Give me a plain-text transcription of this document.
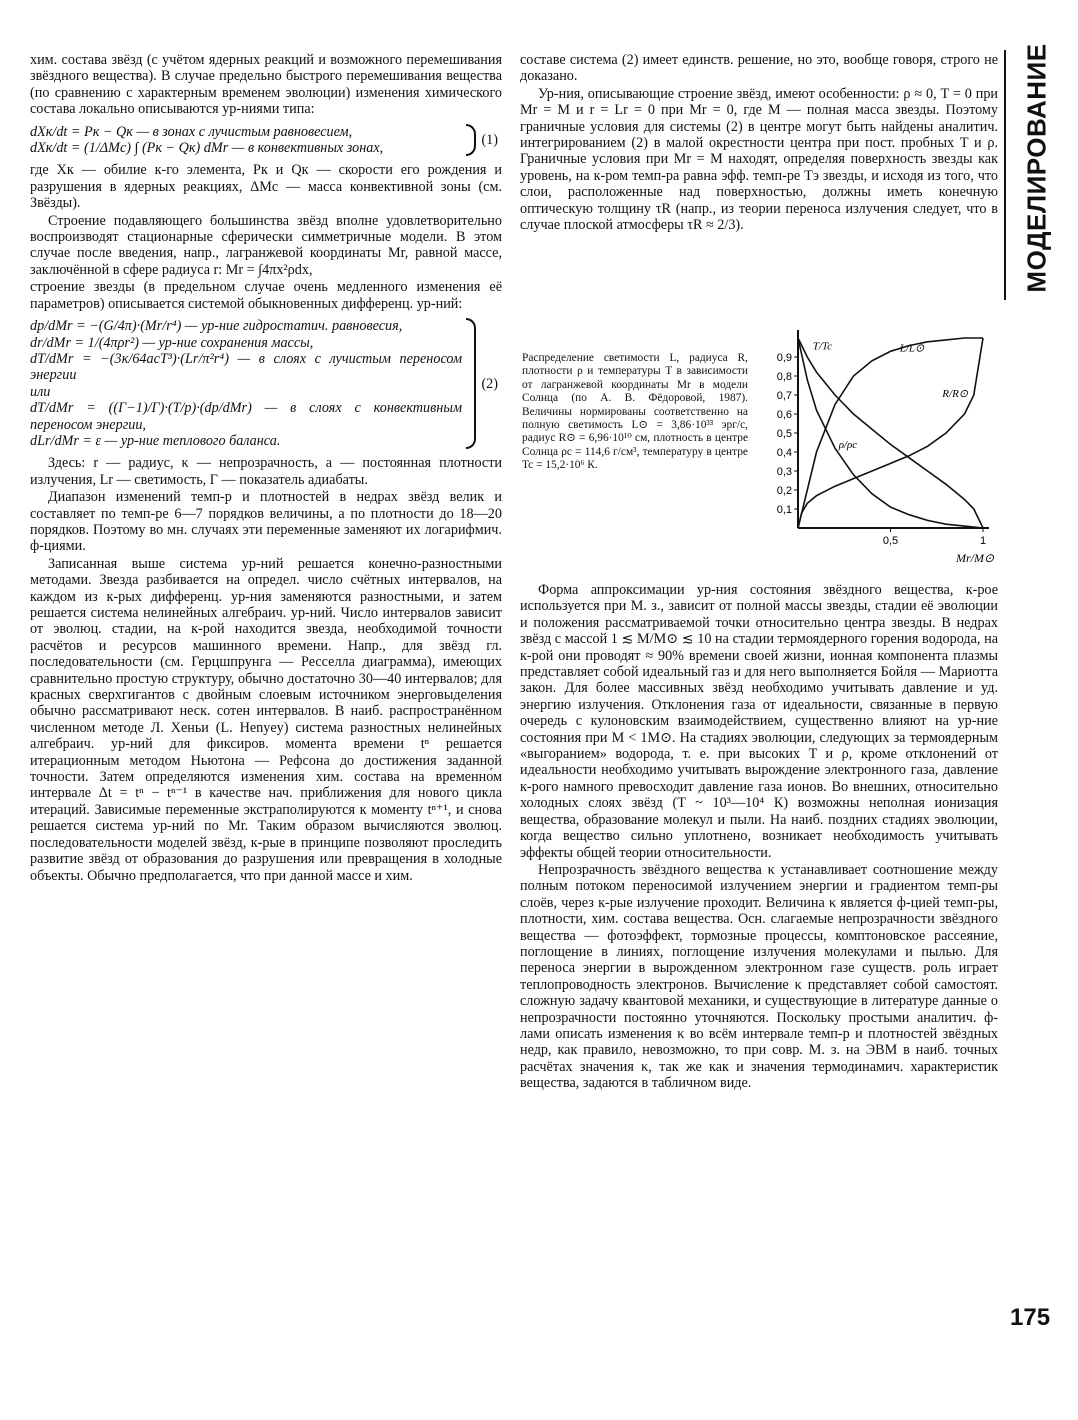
МОДЕЛИРОВАНИЕ

хим. состава звёзд (с учётом ядерных реакций и возможного перемешивания звёздного вещества). В случае предельно быстрого перемешивания вещества (по сравнению с характерным временем эволюции) изменения химического состава локально описываются ур-ниями типа:

dXк/dt = Pк − Qк — в зонах с лучистым равновесием,
dXк/dt = (1/ΔMc) ∫ (Pк − Qк) dMr — в конвективных зонах,
(1)

где Xк — обилие к-го элемента, Pк и Qк — скорости его рождения и разрушения в ядерных реакциях, ΔMc — масса конвективной зоны (см. Звёзды).

Строение подавляющего большинства звёзд вполне удовлетворительно воспроизводят стационарные сферически симметричные модели. В этом случае после введения, напр., лагранжевой координаты Mr, равной массе, заключённой в сфере радиуса r: Mr = ∫4πx²ρdx,

строение звезды (в предельном случае очень медленного изменения её параметров) описывается системой обыкновенных дифференц. ур-ний:

dp/dMr = −(G/4π)·(Mr/r⁴) — ур-ние гидростатич. равновесия,
dr/dMr = 1/(4πρr²) — ур-ние сохранения массы,
dT/dMr = −(3κ/64acT³)·(Lr/π²r⁴) — в слоях с лучистым переносом энергии
или
dT/dMr = ((Γ−1)/Γ)·(T/p)·(dp/dMr) — в слоях с конвективным переносом энергии,
dLr/dMr = ε — ур-ние теплового баланса.
(2)

Здесь: r — радиус, κ — непрозрачность, a — постоянная плотности излучения, Lr — светимость, Γ — показатель адиабаты.

Диапазон изменений темп-р и плотностей в недрах звёзд велик и составляет по темп-ре 6—7 порядков величины, а по плотности до 18—20 порядков. Поэтому во мн. случаях эти переменные заменяют их логарифмич. ф-циями.

Записанная выше система ур-ний решается конечно-разностными методами. Звезда разбивается на определ. число счётных интервалов, на каждом из к-рых дифференц. ур-ния заменяются разностными, и затем решается система нелинейных алгебраич. ур-ний. Число интервалов зависит от эволюц. стадии, на к-рой находится звезда, необходимой точности расчётов и ресурсов машинного времени. Напр., для звёзд гл. последовательности (см. Герцшпрунга — Ресселла диаграмма), имеющих сравнительно простую структуру, обычно достаточно 30—40 интервалов; для красных сверхгигантов с двойным слоевым источником энерговыделения обычно рассматривают неск. сотен интервалов. В наиб. распространённом численном методе Л. Хеньи (L. Henyey) система разностных нелинейных алгебраич. ур-ний для фиксиров. момента времени tⁿ решается итерационным методом Ньютона — Рефсона до достижения заданной точности. Затем определяются изменения хим. состава на временно́м интервале Δt = tⁿ − tⁿ⁻¹ в качестве нач. приближения для нового цикла итераций. Зависимые переменные экстраполируются к моменту tⁿ⁺¹, и снова решается система ур-ний по Mr. Таким образом вычисляются эволюц. последовательности моделей звёзд, к-рые в принципе позволяют проследить развитие звёзд от образования до разрушения или превращения в холодные объекты. Обычно предполагается, что при данной массе и хим.

составе система (2) имеет единств. решение, но это, вообще говоря, строго не доказано.

Ур-ния, описывающие строение звёзд, имеют особенности: ρ ≈ 0, T = 0 при Mr = M и r = Lr = 0 при Mr = 0, где M — полная масса звезды. Поэтому граничные условия для системы (2) в центре могут быть найдены аналитич. интегрированием (2) в малой окрестности центра при пост. пробных T и ρ. Граничные условия при Mr = M находят, определяя поверхность звезды как уровень, на к-ром темп-ра равна эфф. темп-ре Tэ звезды, и исходя из того, что слои, расположенные над поверхностью, должны иметь конечную оптическую толщину τR (напр., из теории переноса излучения следует, что в случае плоской атмосферы τR ≈ 2/3).

Распределение светимости L, радиуса R, плотности ρ и температуры T в зависимости от лагранжевой координаты Mr в модели Солнца (по А. В. Фёдоровой, 1987). Величины нормированы соответственно на полную светимость L⊙ = 3,86·10³³ эрг/с, радиус R⊙ = 6,96·10¹⁰ см, плотность в центре Солнца ρc = 114,6 г/см³, температуру в центре Tc = 15,2·10⁶ К.
0,1
0,2
0,3
0,4
0,5
0,6
0,7
0,8
0,9
0,5	1
Mr/M⊙
T/Tc	L/L⊙
R/R⊙
ρ/ρc

Форма аппроксимации ур-ния состояния звёздного вещества, к-рое используется при М. з., зависит от полной массы звезды, стадии её эволюции и положения рассматриваемой точки относительно центра звезды. В недрах звёзд с массой 1 ≲ M/M⊙ ≲ 10 на стадии термоядерного горения водорода, на к-рой они проводят ≈ 90% времени своей жизни, ионная компонента плазмы представляет собой идеальный газ и для него выполняется Бойля — Мариотта закон. Для более массивных звёзд необходимо учитывать давление и уд. энергию излучения. Отклонения газа от идеальности, связанные в первую очередь с кулоновским взаимодействием, существенно влияют на ур-ние состояния при M < 1M⊙. На стадиях эволюции, следующих за термоядерным «выгоранием» водорода, т. е. при высоких T и ρ, кроме отклонений от идеальности необходимо учитывать вырождение электронного газа, давление к-рого намного превосходит давление газа ионов. Во внешних, относительно холодных слоях звёзд (T ~ 10³—10⁴ К) возможны неполная ионизация вещества, образование молекул и пыли. На наиб. поздних стадиях эволюции, когда вещество сильно уплотнено, возникает необходимость учитывать эффекты общей теории относительности.

Непрозрачность звёздного вещества κ устанавливает соотношение между полным потоком переносимой излучением энергии и градиентом темп-ры слоёв, через к-рые излучение проходит. Величина κ является ф-цией темп-ры, плотности, хим. состава вещества. Осн. слагаемые непрозрачности звёздного вещества — фотоэффект, тормозные процессы, комптоновское рассеяние, поглощение в линиях, поглощение излучения молекулами и пылью. Для переноса энергии в вырожденном электронном газе существ. роль играет теплопроводность электронов. Вычисление κ представляет собой самостоят. сложную задачу квантовой механики, и существующие в литературе данные о непрозрачности постоянно уточняются. Поскольку простыми аналитич. ф-лами описать изменения κ во всём интервале темп-р и плотностей звёздных недр, как правило, невозможно, то при совр. М. з. на ЭВМ в наиб. точных расчётах значения κ, так же как и значения термодинамич. характеристик вещества, задаются в табличном виде.

175
